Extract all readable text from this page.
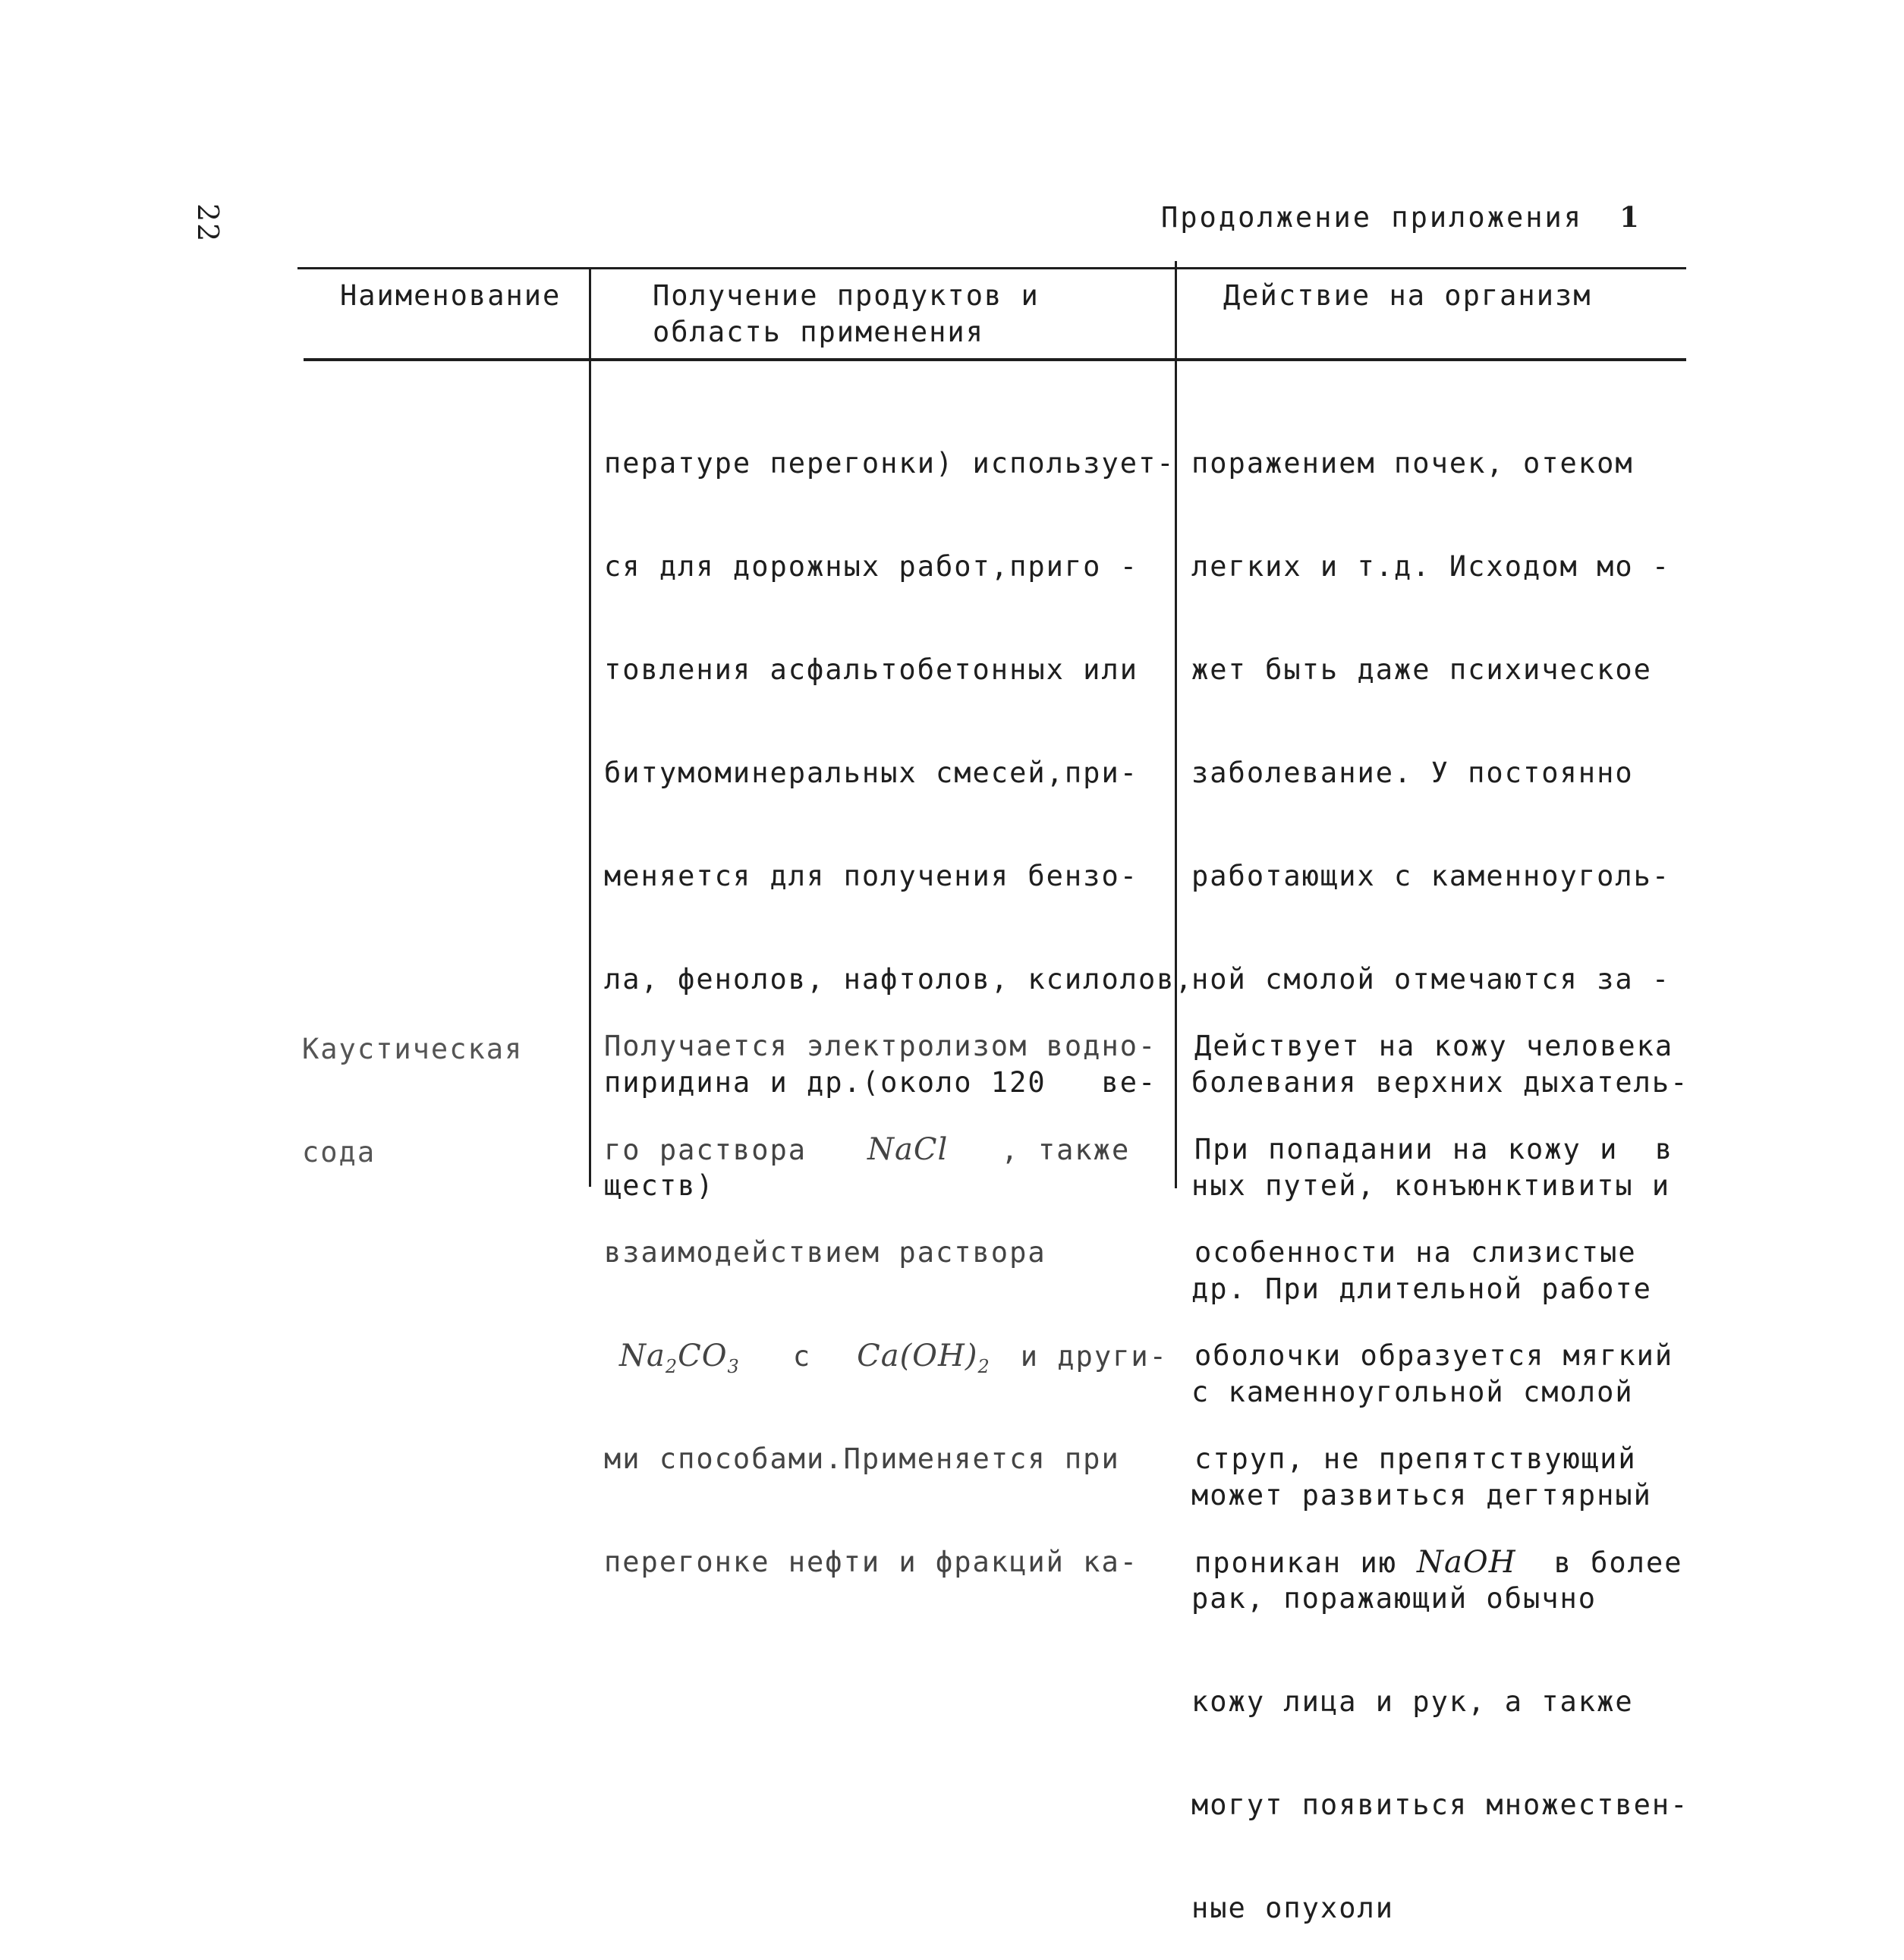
22	Продолжение приложения 1
Наименование	Получение продуктов и
область применения
Действие на организм

пературе перегонки) использует-

ся для дорожных работ,приго -

товления асфальтобетонных или

битумоминеральных смесей,при-

меняется для получения бензо-

ла, фенолов, нафтолов, ксилолов,

пиридина и др.(около 120   ве-

ществ)

поражением почек, отеком

легких и т.д. Исходом мо -

жет быть даже психическое

заболевание. У постоянно

работающих с каменноуголь-

ной смолой отмечаются за -

болевания верхних дыхатель-

ных путей, конъюнктивиты и

др. При длительной работе

с каменноугольной смолой

может развиться дегтярный

рак, поражающий обычно

кожу лица и рук, а также

могут появиться множествен-

ные опухоли

Каустическая

сода

Получается электролизом водно-

го раствора NaCl , также

взаимодействием раствора

$Na_2CO_3$ с $Ca(OH)_2$ и други-

ми способами.Применяется при

перегонке нефти и фракций ка-

Действует на кожу человека

При попадании на кожу и  в

особенности на слизистые

оболочки образуется мягкий

струп, не препятствующий

проникан ию NaOH в более
